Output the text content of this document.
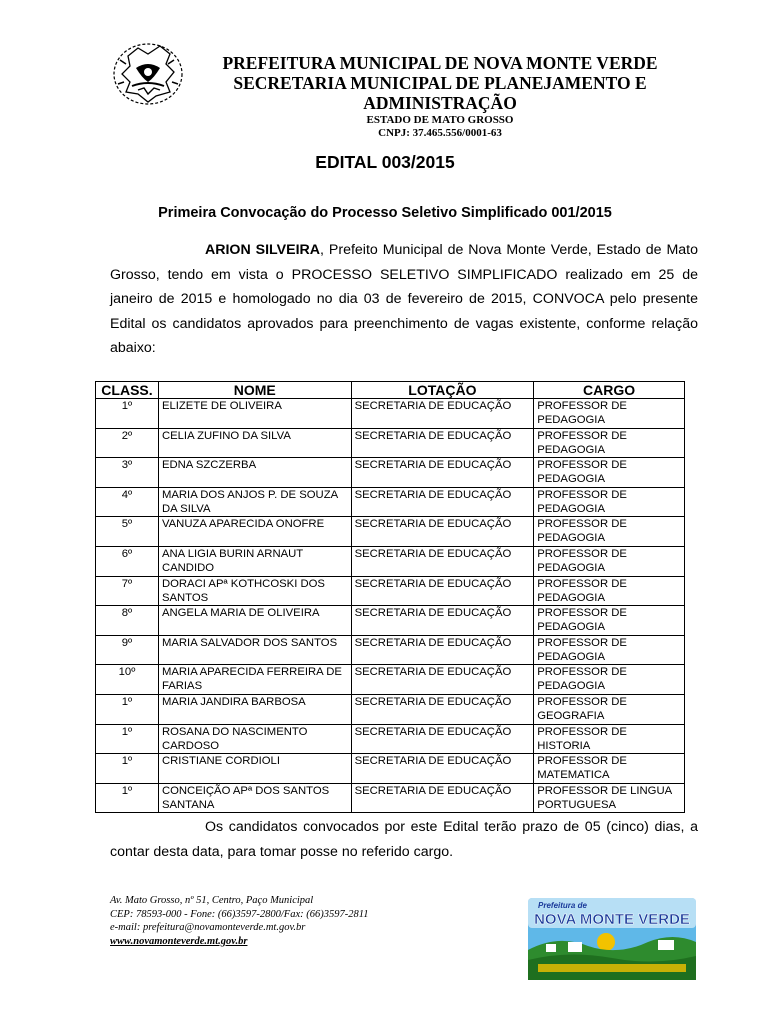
PREFEITURA MUNICIPAL DE NOVA MONTE VERDE
SECRETARIA MUNICIPAL DE PLANEJAMENTO E
ADMINISTRAÇÃO
ESTADO DE MATO GROSSO
CNPJ: 37.465.556/0001-63
EDITAL 003/2015
Primeira Convocação do Processo Seletivo Simplificado 001/2015

ARION SILVEIRA, Prefeito Municipal de Nova Monte Verde, Estado de Mato Grosso, tendo em vista o PROCESSO SELETIVO SIMPLIFICADO realizado em 25 de janeiro de 2015 e homologado no dia 03 de fevereiro de 2015, CONVOCA pelo presente Edital os candidatos aprovados para preenchimento de vagas existente, conforme relação abaixo:

CLASS.	NOME	LOTAÇÃO	CARGO
1º	ELIZETE DE OLIVEIRA	SECRETARIA DE EDUCAÇÃO	PROFESSOR DE PEDAGOGIA
2º	CELIA ZUFINO DA SILVA	SECRETARIA DE EDUCAÇÃO	PROFESSOR DE PEDAGOGIA
3º	EDNA SZCZERBA	SECRETARIA DE EDUCAÇÃO	PROFESSOR DE PEDAGOGIA
4º	MARIA DOS ANJOS P. DE SOUZA DA SILVA	SECRETARIA DE EDUCAÇÃO	PROFESSOR DE PEDAGOGIA
5º	VANUZA APARECIDA ONOFRE	SECRETARIA DE EDUCAÇÃO	PROFESSOR DE PEDAGOGIA
6º	ANA LIGIA BURIN ARNAUT CANDIDO	SECRETARIA DE EDUCAÇÃO	PROFESSOR DE PEDAGOGIA
7º	DORACI APª KOTHCOSKI DOS SANTOS	SECRETARIA DE EDUCAÇÃO	PROFESSOR DE PEDAGOGIA
8º	ANGELA MARIA DE OLIVEIRA	SECRETARIA DE EDUCAÇÃO	PROFESSOR DE PEDAGOGIA
9º	MARIA SALVADOR DOS SANTOS	SECRETARIA DE EDUCAÇÃO	PROFESSOR DE PEDAGOGIA
10º	MARIA APARECIDA FERREIRA DE FARIAS	SECRETARIA DE EDUCAÇÃO	PROFESSOR DE PEDAGOGIA
1º	MARIA JANDIRA BARBOSA	SECRETARIA DE EDUCAÇÃO	PROFESSOR DE GEOGRAFIA
1º	ROSANA DO NASCIMENTO CARDOSO	SECRETARIA DE EDUCAÇÃO	PROFESSOR DE HISTORIA
1º	CRISTIANE CORDIOLI	SECRETARIA DE EDUCAÇÃO	PROFESSOR DE MATEMATICA
1º	CONCEIÇÃO APª DOS SANTOS SANTANA	SECRETARIA DE EDUCAÇÃO	PROFESSOR DE LINGUA PORTUGUESA

Os candidatos convocados por este Edital terão prazo de 05 (cinco) dias, a contar desta data, para tomar posse no referido cargo.

Av. Mato Grosso, nº 51, Centro, Paço Municipal
CEP: 78593-000 - Fone: (66)3597-2800/Fax: (66)3597-2811
e-mail: prefeitura@novamonteverde.mt.gov.br
www.novamonteverde.mt.gov.br
Prefeitura de
NOVA MONTE VERDE
